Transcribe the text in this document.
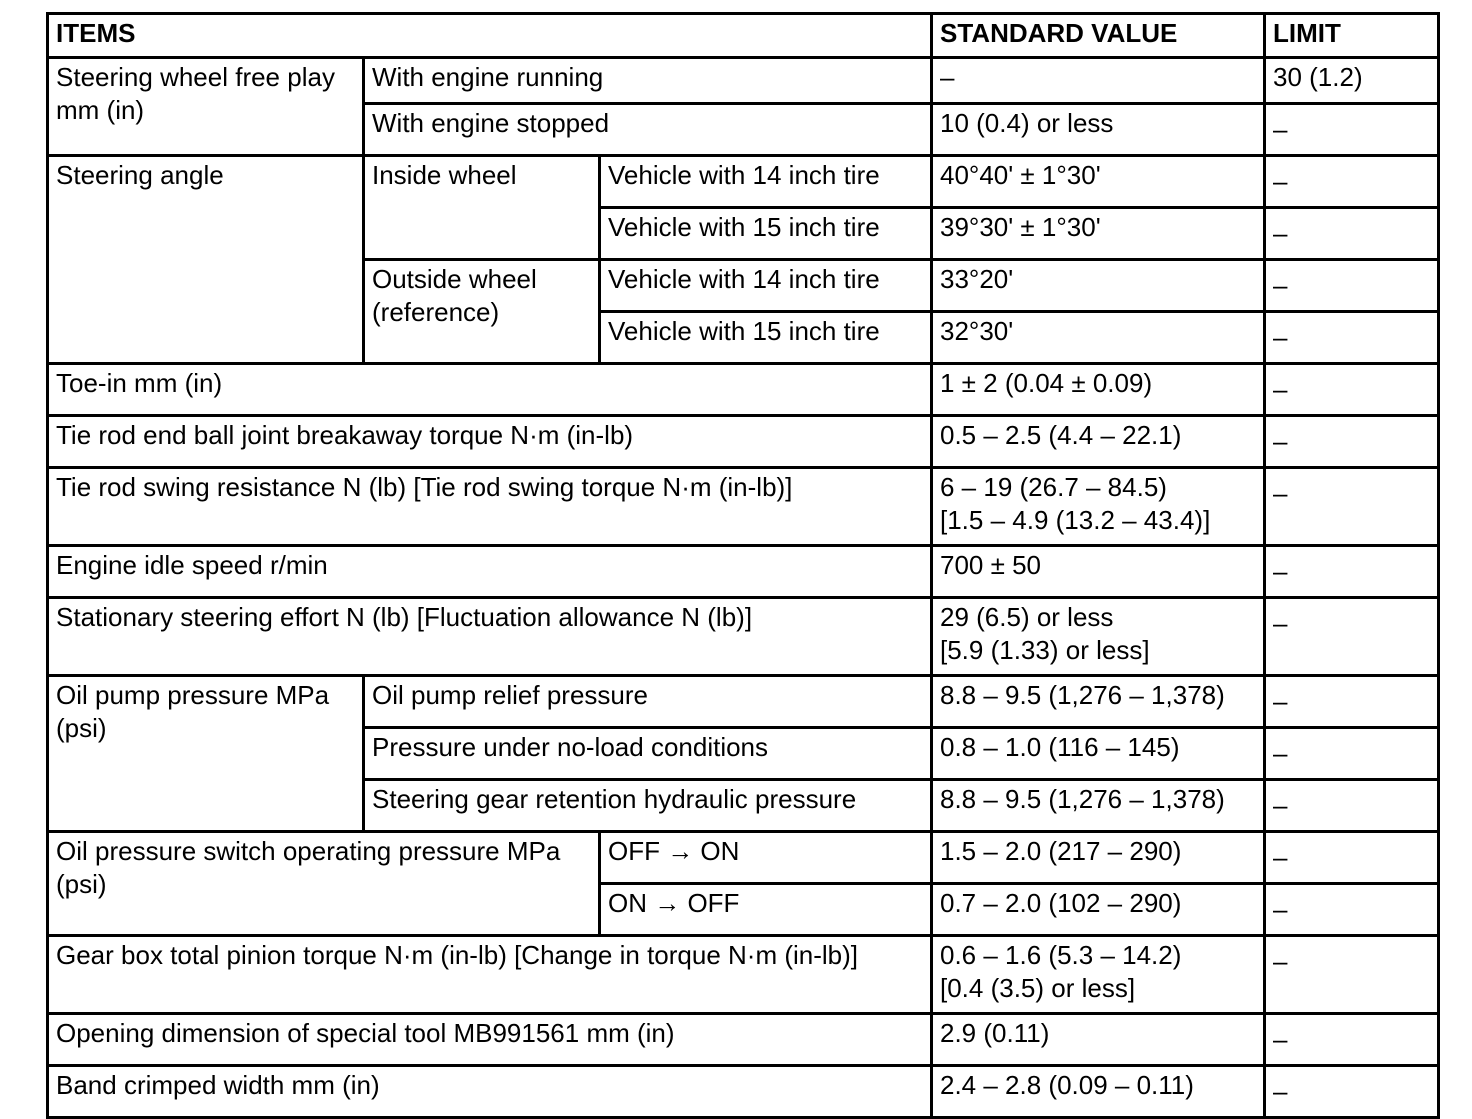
ITEMS			STANDARD VALUE	LIMIT
Steering wheel free play mm (in)	With engine running		–	30 (1.2)
	With engine stopped		10 (0.4) or less	–
Steering angle	Inside wheel	Vehicle with 14 inch tire	40°40' ± 1°30'	–
		Vehicle with 15 inch tire	39°30' ± 1°30'	–
	Outside wheel (reference)	Vehicle with 14 inch tire	33°20'	–
		Vehicle with 15 inch tire	32°30'	–
Toe-in mm (in)			1 ± 2 (0.04 ± 0.09)	–
Tie rod end ball joint breakaway torque N·m (in-lb)			0.5 – 2.5 (4.4 – 22.1)	–
Tie rod swing resistance N (lb) [Tie rod swing torque N·m (in-lb)]			6 – 19 (26.7 – 84.5)
[1.5 – 4.9 (13.2 – 43.4)]	–
Engine idle speed r/min			700 ± 50	–
Stationary steering effort N (lb) [Fluctuation allowance N (lb)]			29 (6.5) or less
[5.9 (1.33) or less]	–
Oil pump pressure MPa (psi)	Oil pump relief pressure		8.8 – 9.5 (1,276 – 1,378)	–
	Pressure under no-load conditions		0.8 – 1.0 (116 – 145)	–
	Steering gear retention hydraulic pressure		8.8 – 9.5 (1,276 – 1,378)	–
Oil pressure switch operating pressure MPa (psi)		OFF → ON	1.5 – 2.0 (217 – 290)	–
		ON → OFF	0.7 – 2.0 (102 – 290)	–
Gear box total pinion torque N·m (in-lb) [Change in torque N·m (in-lb)]			0.6 – 1.6 (5.3 – 14.2)
[0.4 (3.5) or less]	–
Opening dimension of special tool MB991561 mm (in)			2.9 (0.11)	–
Band crimped width mm (in)			2.4 – 2.8 (0.09 – 0.11)	–
